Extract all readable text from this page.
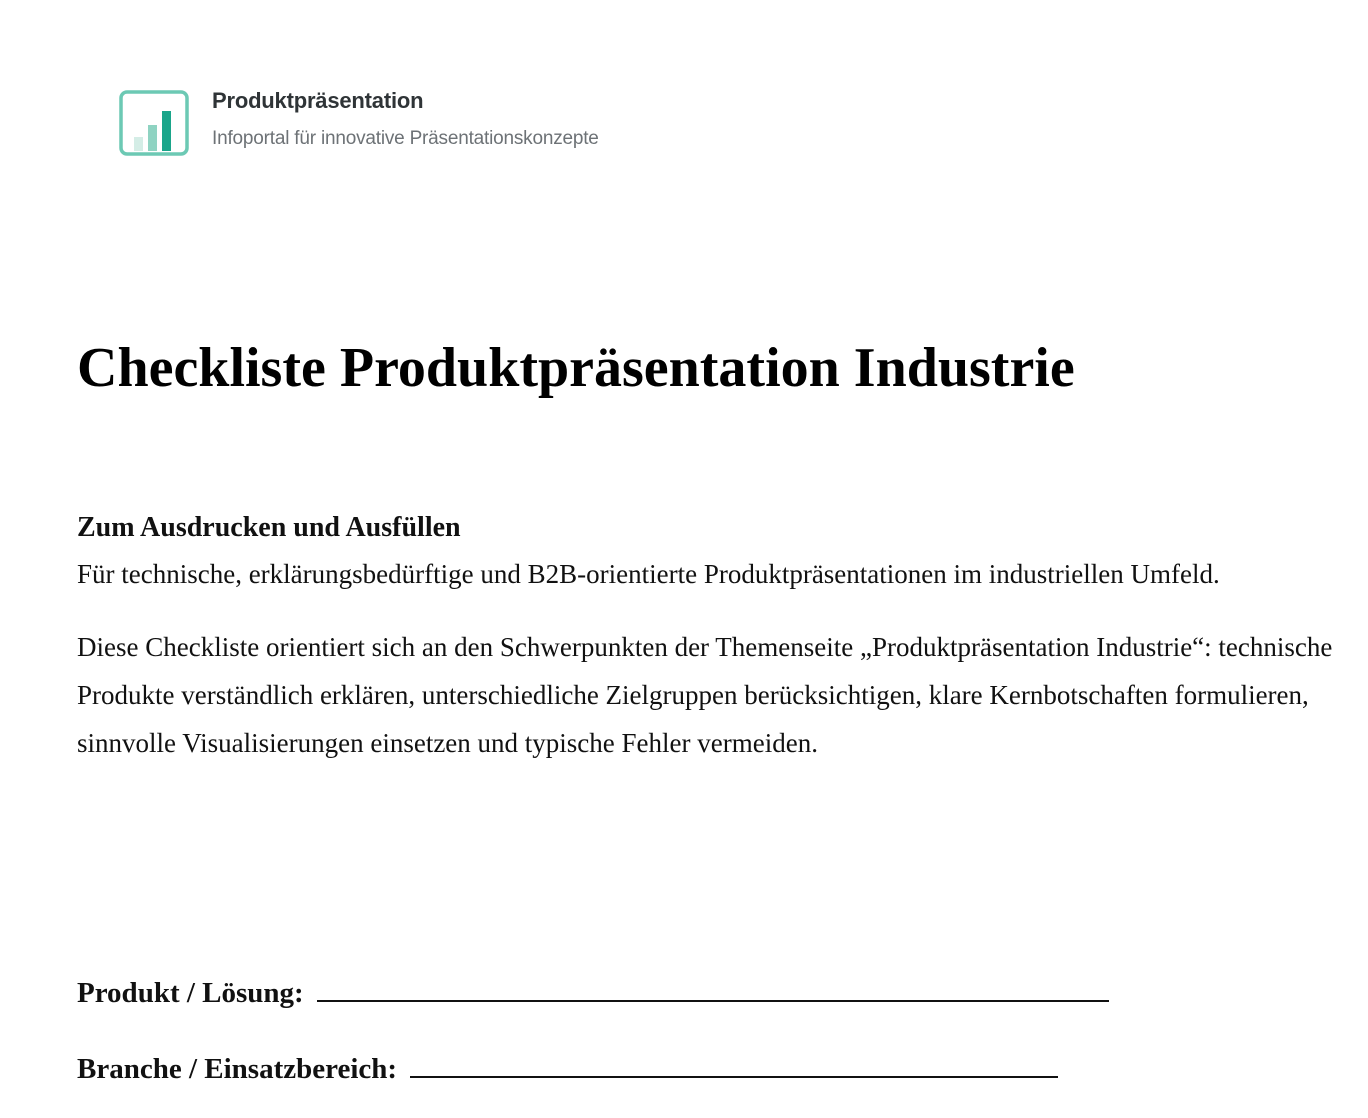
Produktpräsentation
Infoportal für innovative Präsentationskonzepte
Checkliste Produktpräsentation Industrie

Zum Ausdrucken und Ausfüllen

Für technische, erklärungsbedürftige und B2B-orientierte Produktpräsentationen im industriellen Umfeld.

Diese Checkliste orientiert sich an den Schwerpunkten der Themenseite „Produktpräsentation Industrie“: technische Produkte verständlich erklären, unterschiedliche Zielgruppen berücksichtigen, klare Kernbotschaften formulieren, sinnvolle Visualisierungen einsetzen und typische Fehler vermeiden.

Produkt / Lösung:
Branche / Einsatzbereich:
